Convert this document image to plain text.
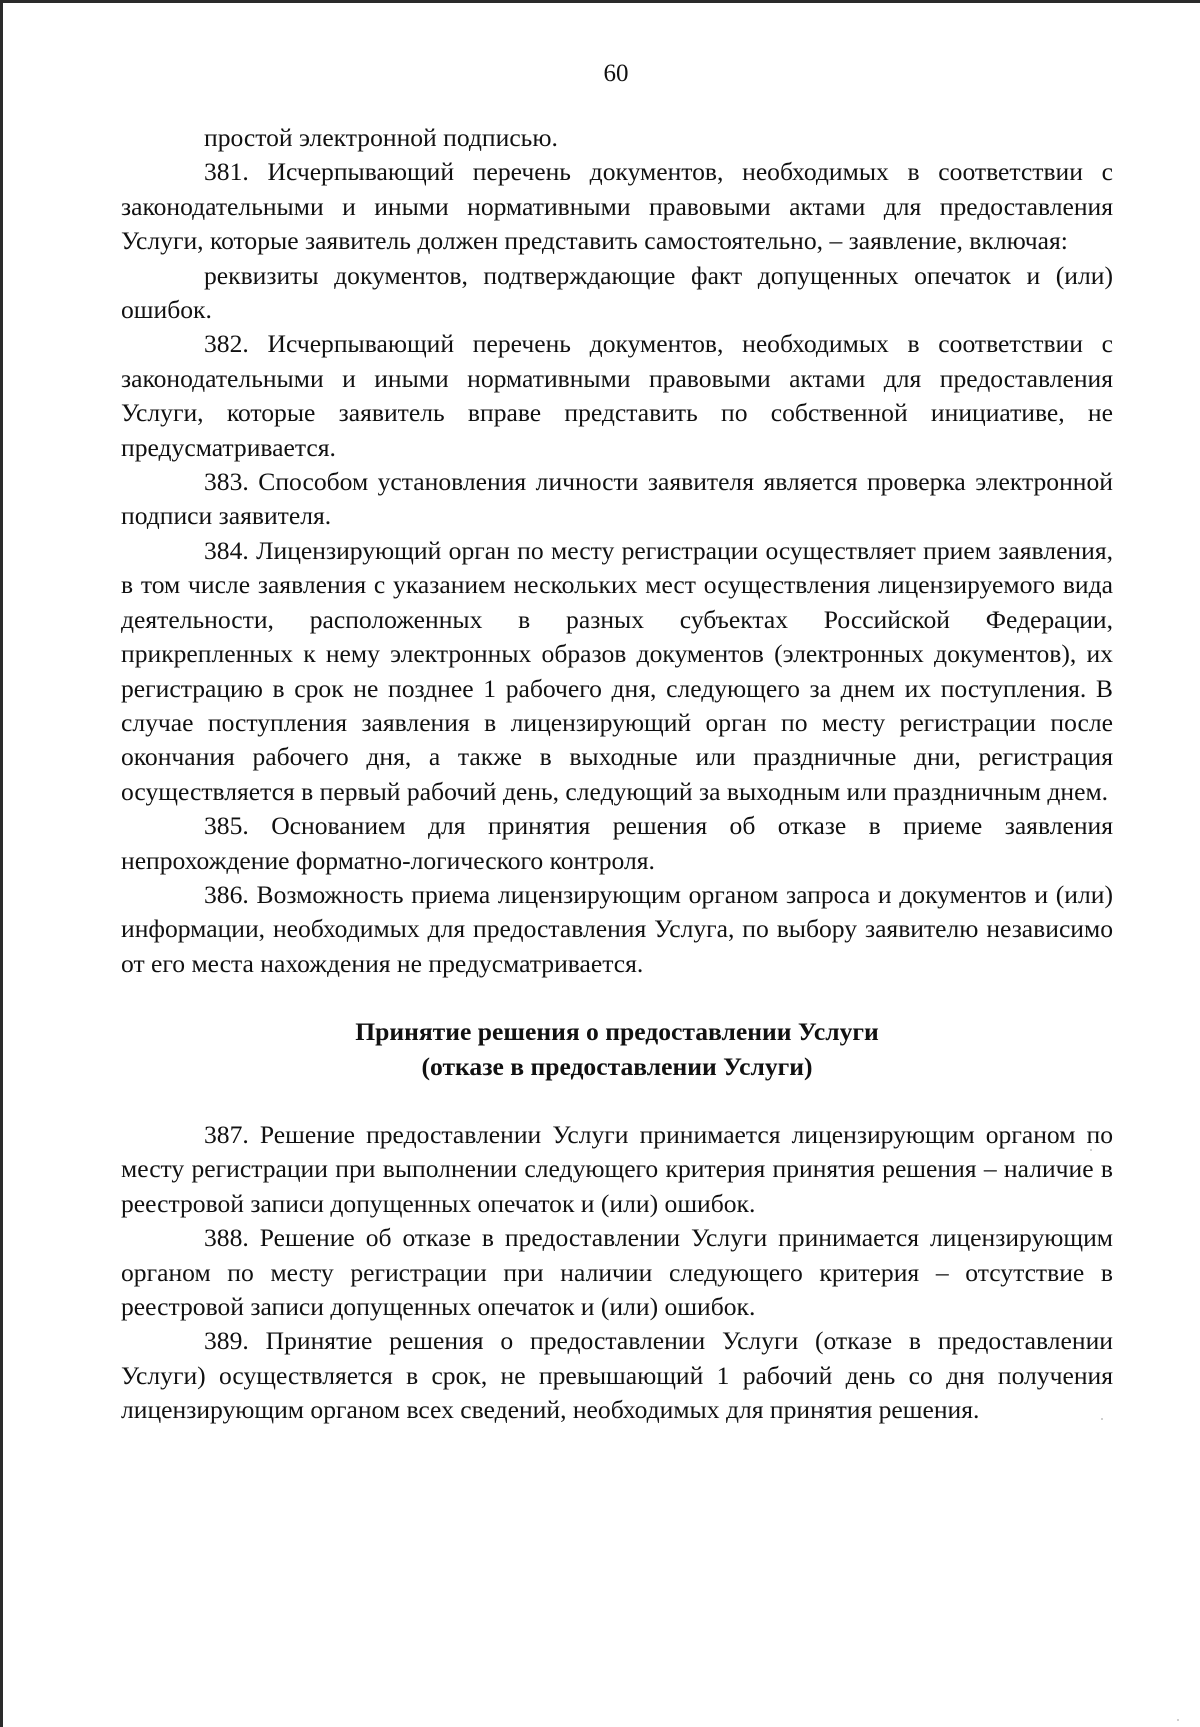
60

простой электронной подписью.

381. Исчерпывающий перечень документов, необходимых в соответствии с законодательными и иными нормативными правовыми актами для предоставления Услуги, которые заявитель должен представить самостоятельно, – заявление, включая:

реквизиты документов, подтверждающие факт допущенных опечаток и (или) ошибок.

382. Исчерпывающий перечень документов, необходимых в соответствии с законодательными и иными нормативными правовыми актами для предоставления Услуги, которые заявитель вправе представить по собственной инициативе, не предусматривается.

383. Способом установления личности заявителя является проверка электронной подписи заявителя.

384. Лицензирующий орган по месту регистрации осуществляет прием заявления, в том числе заявления с указанием нескольких мест осуществления лицензируемого вида деятельности, расположенных в разных субъектах Российской Федерации, прикрепленных к нему электронных образов документов (электронных документов), их регистрацию в срок не позднее 1 рабочего дня, следующего за днем их поступления. В случае поступления заявления в лицензирующий орган по месту регистрации после окончания рабочего дня, а также в выходные или праздничные дни, регистрация осуществляется в первый рабочий день, следующий за выходным или праздничным днем.

385. Основанием для принятия решения об отказе в приеме заявления непрохождение форматно-логического контроля.

386. Возможность приема лицензирующим органом запроса и документов и (или) информации, необходимых для предоставления Услуга, по выбору заявителю независимо от его места нахождения не предусматривается.

Принятие решения о предоставлении Услуги
(отказе в предоставлении Услуги)

387. Решение предоставлении Услуги принимается лицензирующим органом по месту регистрации при выполнении следующего критерия принятия решения – наличие в реестровой записи допущенных опечаток и (или) ошибок.

388. Решение об отказе в предоставлении Услуги принимается лицензирующим органом по месту регистрации при наличии следующего критерия – отсутствие в реестровой записи допущенных опечаток и (или) ошибок.

389. Принятие решения о предоставлении Услуги (отказе в предоставлении Услуги) осуществляется в срок, не превышающий 1 рабочий день со дня получения лицензирующим органом всех сведений, необходимых для принятия решения.
